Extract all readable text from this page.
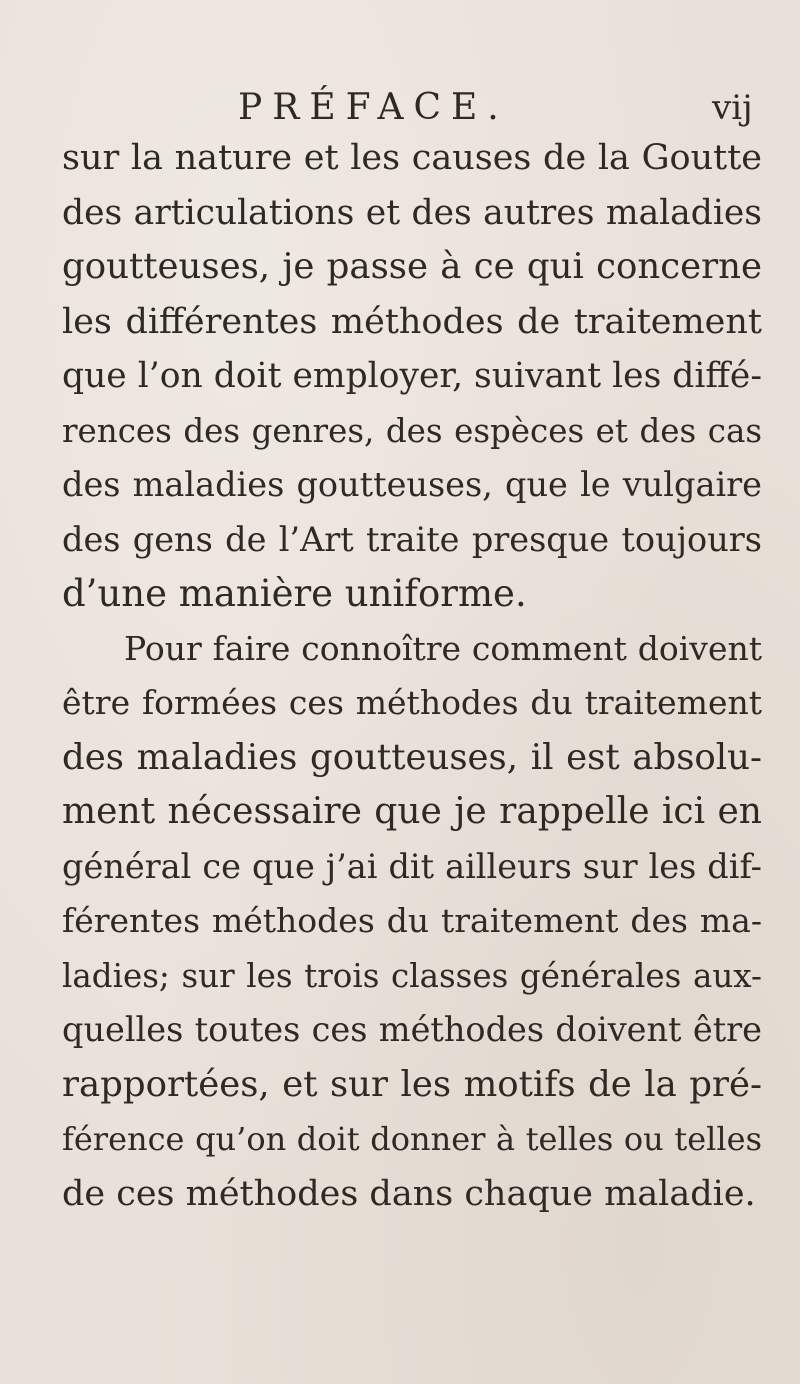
PRÉFACE.	vij
sur la nature et les causes de la Goutte
des articulations et des autres maladies
goutteuses, je passe à ce qui concerne
les différentes méthodes de traitement
que l’on doit employer, suivant les diffé-
rences des genres, des espèces et des cas
des maladies goutteuses, que le vulgaire
des gens de l’Art traite presque toujours
d’une manière uniforme.
Pour faire connoître comment doivent
être formées ces méthodes du traitement
des maladies goutteuses, il est absolu-
ment nécessaire que je rappelle ici en
général ce que j’ai dit ailleurs sur les dif-
férentes méthodes du traitement des ma-
ladies; sur les trois classes générales aux-
quelles toutes ces méthodes doivent être
rapportées, et sur les motifs de la pré-
férence qu’on doit donner à telles ou telles
de ces méthodes dans chaque maladie.
